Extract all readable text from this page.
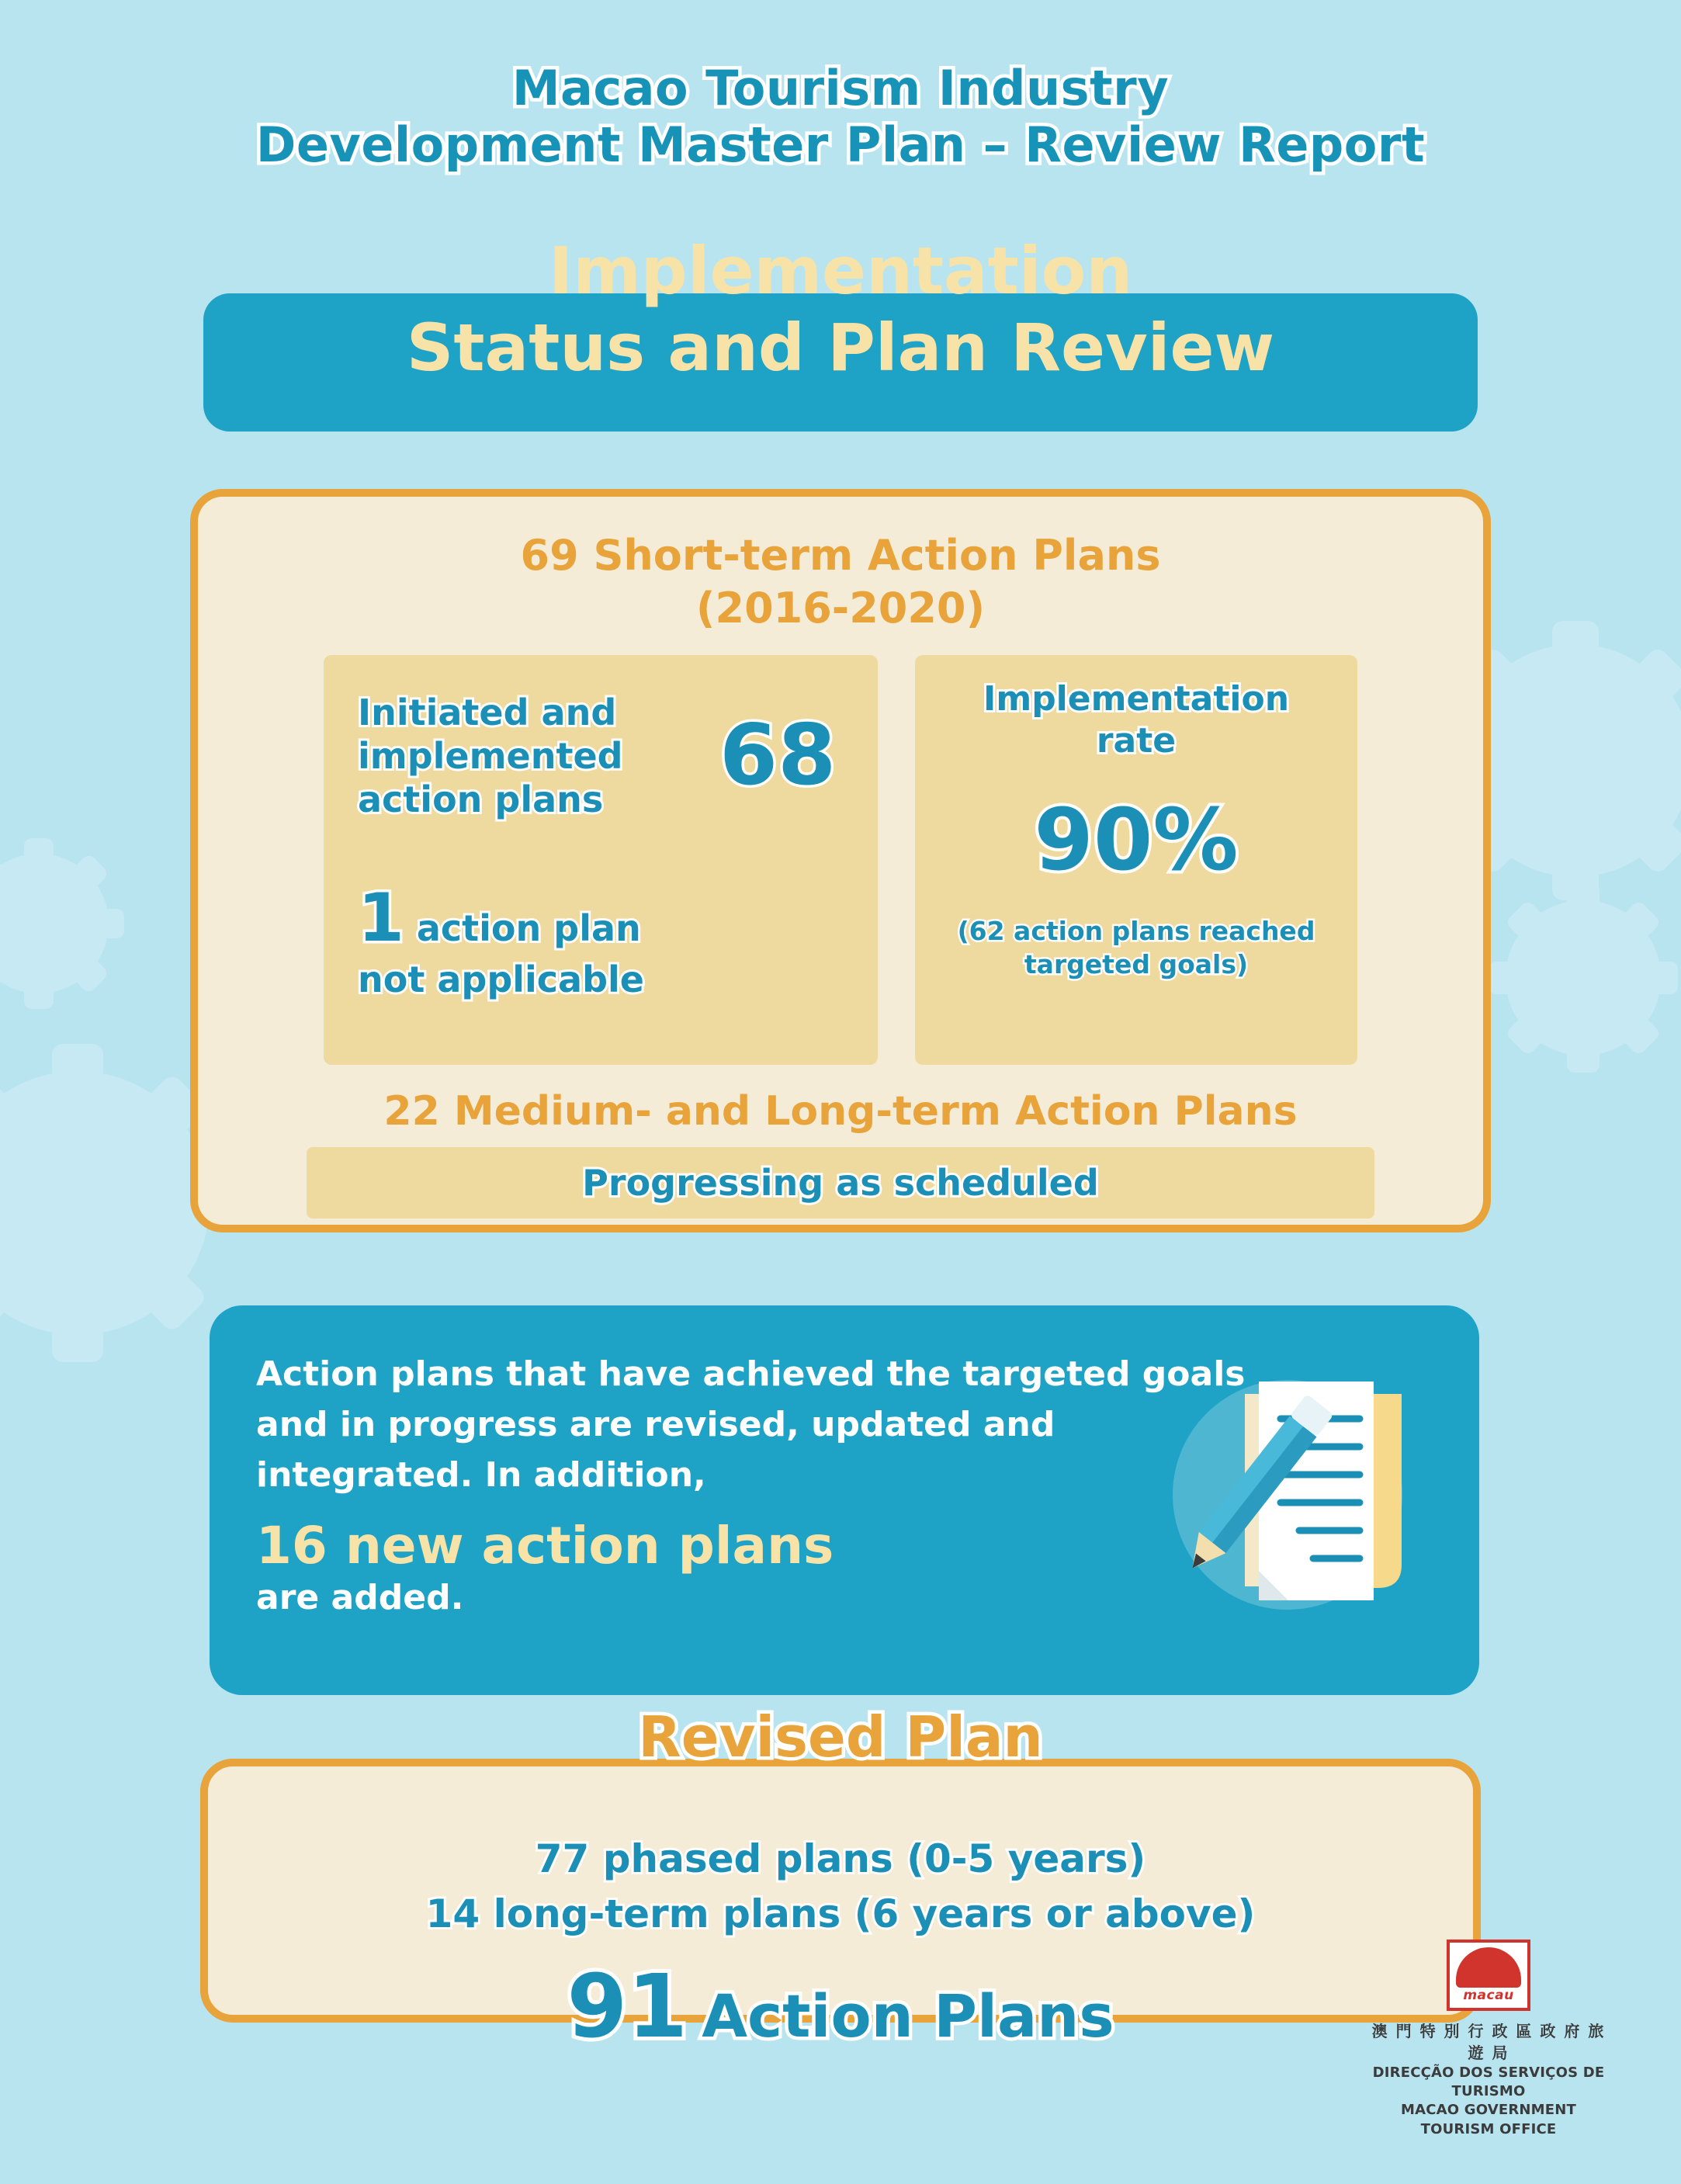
Macao Tourism Industry
Development Master Plan – Review Report
Implementation
Status and Plan Review
69 Short-term Action Plans
(2016-2020)
Initiated and implemented action plans	68
1 action plan
not applicable
Implementation
rate
90%
(62 action plans reached
targeted goals)
22 Medium- and Long-term Action Plans
Progressing as scheduled
Action plans that have achieved the targeted goals and in progress are revised, updated and integrated. In addition,
16 new action plans
are added.
Revised Plan
77 phased plans (0-5 years)
14 long-term plans (6 years or above)
91 Action Plans	macau
澳 門 特 別 行 政 區 政 府 旅 遊 局
DIRECÇÃO DOS SERVIÇOS DE TURISMO
MACAO GOVERNMENT TOURISM OFFICE
